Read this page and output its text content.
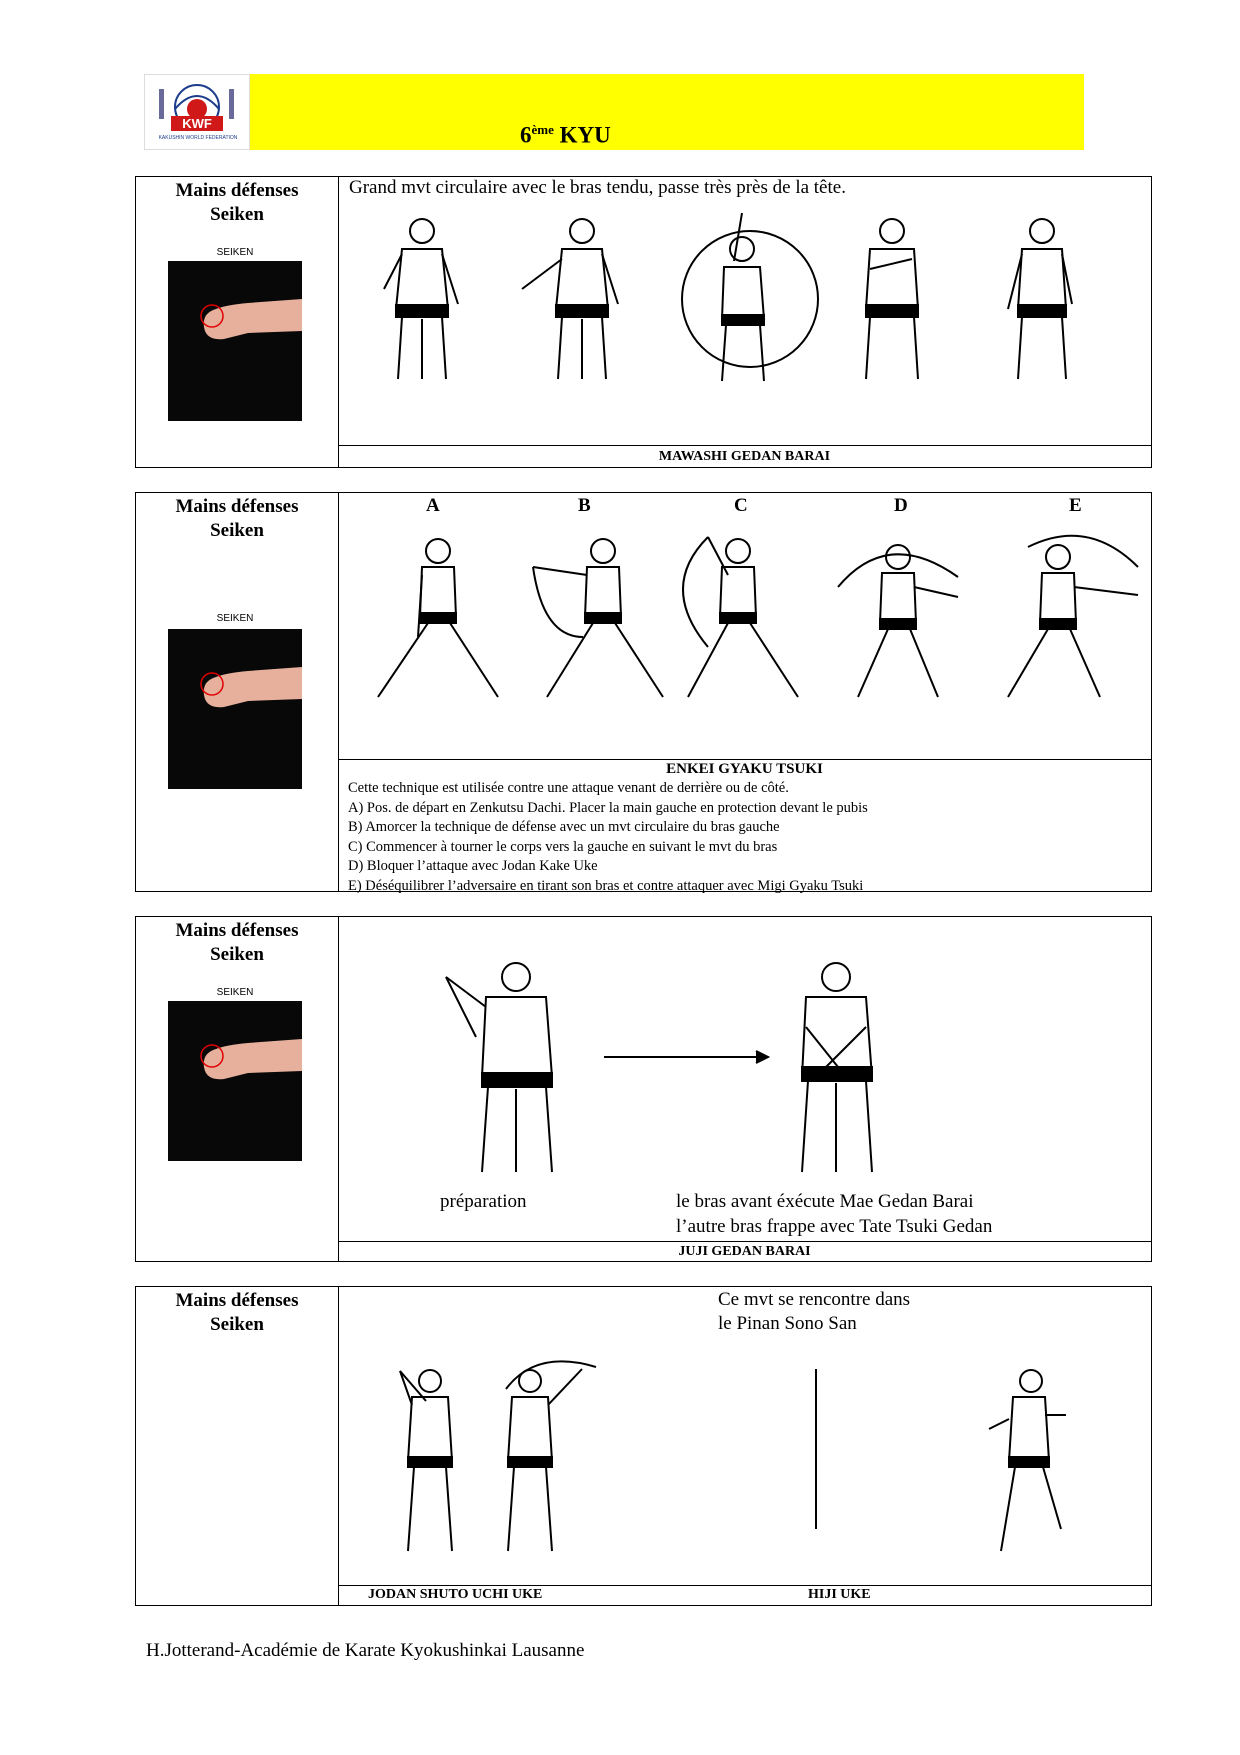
KWF
KAKUSHIN WORLD FEDERATION	6ème KYU
Mains défenses
Seiken
SEIKEN
Grand mvt circulaire avec le bras tendu, passe très près de la tête.
MAWASHI GEDAN BARAI
Mains défenses
Seiken
SEIKEN
A	B	C	D	E
ENKEI GYAKU TSUKI
Cette technique est utilisée contre une attaque venant de derrière ou de côté.
A) Pos. de départ en Zenkutsu Dachi. Placer la main gauche en protection devant le pubis
B) Amorcer la technique de défense avec un mvt circulaire du bras gauche
C) Commencer à tourner le corps vers la gauche en suivant le mvt du bras
D) Bloquer l’attaque avec Jodan Kake Uke
E) Déséquilibrer l’adversaire en tirant son bras et contre attaquer avec Migi Gyaku Tsuki
Mains défenses
Seiken
SEIKEN
préparation	le bras avant éxécute Mae Gedan Barai
l’autre bras frappe avec Tate Tsuki Gedan
JUJI GEDAN BARAI
Mains défenses
Seiken
Ce mvt se rencontre dans
le Pinan Sono San
JODAN SHUTO UCHI UKE	HIJI UKE
H.Jotterand-Académie de Karate Kyokushinkai Lausanne
